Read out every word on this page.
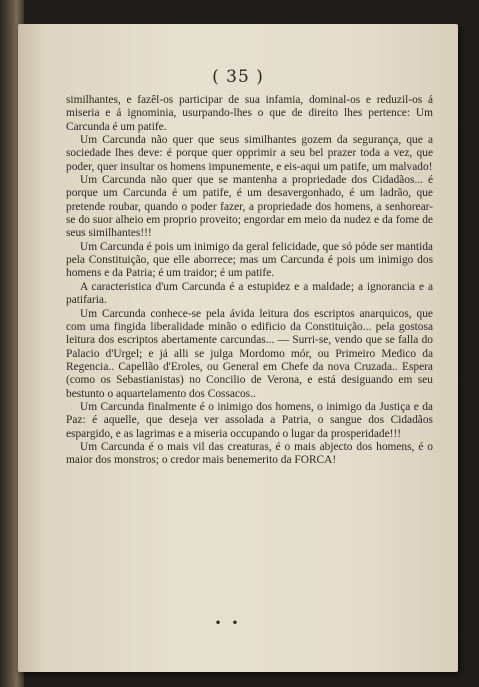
( 35 )

similhantes, e fazêl-os participar de sua infamia, dominal-os e reduzil-os á miseria e á ignominia, usurpando-lhes o que de direito lhes pertence: Um Carcunda é um patife.

Um Carcunda não quer que seus similhantes gozem da segurança, que a sociedade lhes deve: é porque quer opprimir a seu bel prazer toda a vez, que poder, quer insultar os homens impunemente, e eis-aqui um patife, um malvado!

Um Carcunda não quer que se mantenha a propriedade dos Cidadãos... é porque um Carcunda é um patife, é um desavergonhado, é um ladrão, que pretende roubar, quando o poder fazer, a propriedade dos homens, a senhorear-se do suor alheio em proprio proveito; engordar em meio da nudez e da fome de seus similhantes!!!

Um Carcunda é pois um inimigo da geral felicidade, que só póde ser mantida pela Constituição, que elle aborrece; mas um Carcunda é pois um inimigo dos homens e da Patria; é um traidor; é um patife.

A caracteristica d'um Carcunda é a estupidez e a maldade; a ignorancia e a patifaria.

Um Carcunda conhece-se pela ávida leitura dos escriptos anarquicos, que com uma fingida liberalidade minão o edificio da Constituição... pela gostosa leitura dos escriptos abertamente carcundas... — Surri-se, vendo que se falla do Palacio d'Urgel; e já alli se julga Mordomo mór, ou Primeiro Medico da Regencia.. Capellão d'Eroles, ou General em Chefe da nova Cruzada.. Espera (como os Sebastianistas) no Concilio de Verona, e está desiguando em seu bestunto o aquartelamento dos Cossacos..

Um Carcunda finalmente é o inimigo dos homens, o inimigo da Justiça e da Paz: é aquelle, que deseja ver assolada a Patria, o sangue dos Cidadãos espargido, e as lagrimas e a miseria occupando o lugar da prosperidade!!!

Um Carcunda é o mais vil das creaturas, é o mais abjecto dos homens, é o maior dos monstros; o credor mais benemerito da FORCA!

• •
